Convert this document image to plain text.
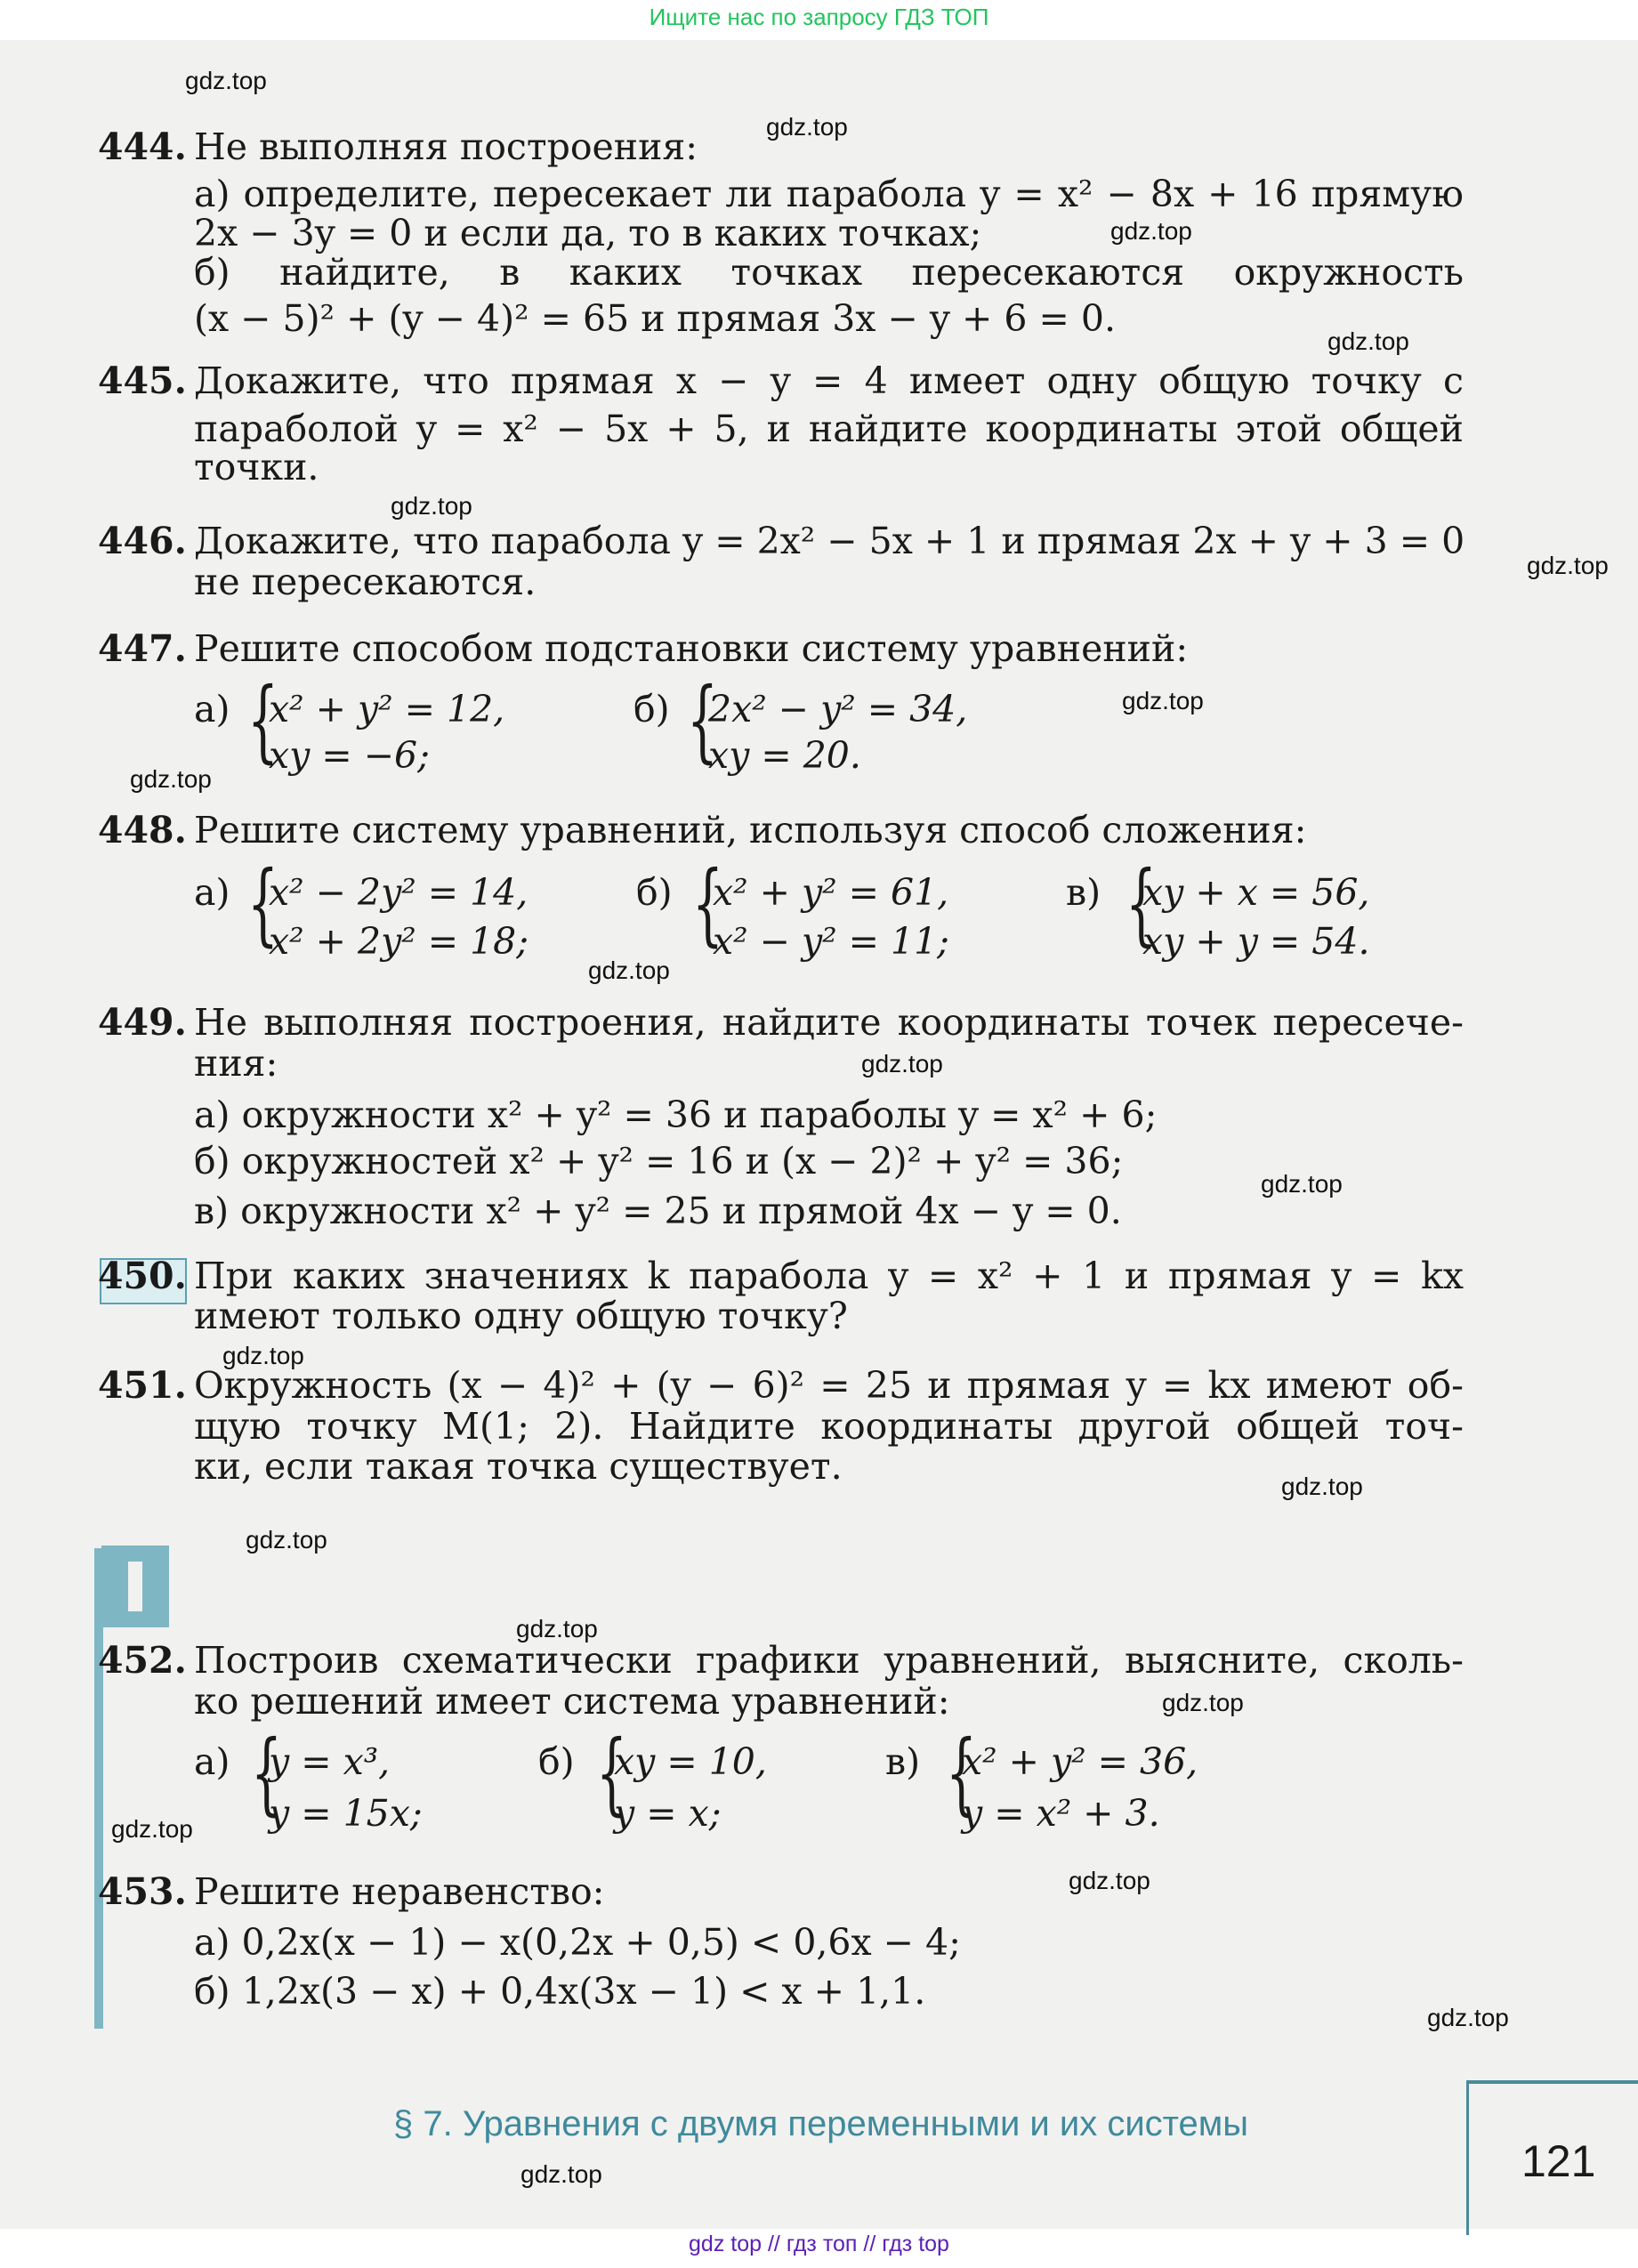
Ищите нас по запросу ГДЗ ТОП
444. Не выполняя построения:
а) определите, пересекает ли парабола y = x² − 8x + 16 прямую
2x − 3y = 0 и если да, то в каких точках;
б) найдите, в каких точках пересекаются окружность
(x − 5)² + (y − 4)² = 65 и прямая 3x − y + 6 = 0.
445. Докажите, что прямая x − y = 4 имеет одну общую точку с
параболой y = x² − 5x + 5, и найдите координаты этой общей
точки.
446. Докажите, что парабола y = 2x² − 5x + 1 и прямая 2x + y + 3 = 0
не пересекаются.
447. Решите способом подстановки систему уравнений:
а) {
x² + y² = 12,
xy = −6;
б) {
2x² − y² = 34,
xy = 20.
448. Решите систему уравнений, используя способ сложения:
а) {
x² − 2y² = 14,
x² + 2y² = 18;
б) {
x² + y² = 61,
x² − y² = 11;
в) {
xy + x = 56,
xy + y = 54.
449. Не выполняя построения, найдите координаты точек пересече-
ния:
а) окружности x² + y² = 36 и параболы y = x² + 6;
б) окружностей x² + y² = 16 и (x − 2)² + y² = 36;
в) окружности x² + y² = 25 и прямой 4x − y = 0.
450. При каких значениях k парабола y = x² + 1 и прямая y = kx
имеют только одну общую точку?
451. Окружность (x − 4)² + (y − 6)² = 25 и прямая y = kx имеют об-
щую точку M(1; 2). Найдите координаты другой общей точ-
ки, если такая точка существует.
452. Построив схематически графики уравнений, выясните, сколь-
ко решений имеет система уравнений:
а) {
y = x³,
y = 15x;
б) {
xy = 10,
y = x;
в) {
x² + y² = 36,
y = x² + 3.
453. Решите неравенство:
а) 0,2x(x − 1) − x(0,2x + 0,5) < 0,6x − 4;
б) 1,2x(3 − x) + 0,4x(3x − 1) < x + 1,1.
§ 7. Уравнения с двумя переменными и их системы
121
gdz.top
gdz.top
gdz.top
gdz.top
gdz.top
gdz.top
gdz.top
gdz.top
gdz.top
gdz.top
gdz.top
gdz.top
gdz.top
gdz.top
gdz.top
gdz.top
gdz.top
gdz.top
gdz.top
gdz.top
gdz top // гдз топ // гдз top
